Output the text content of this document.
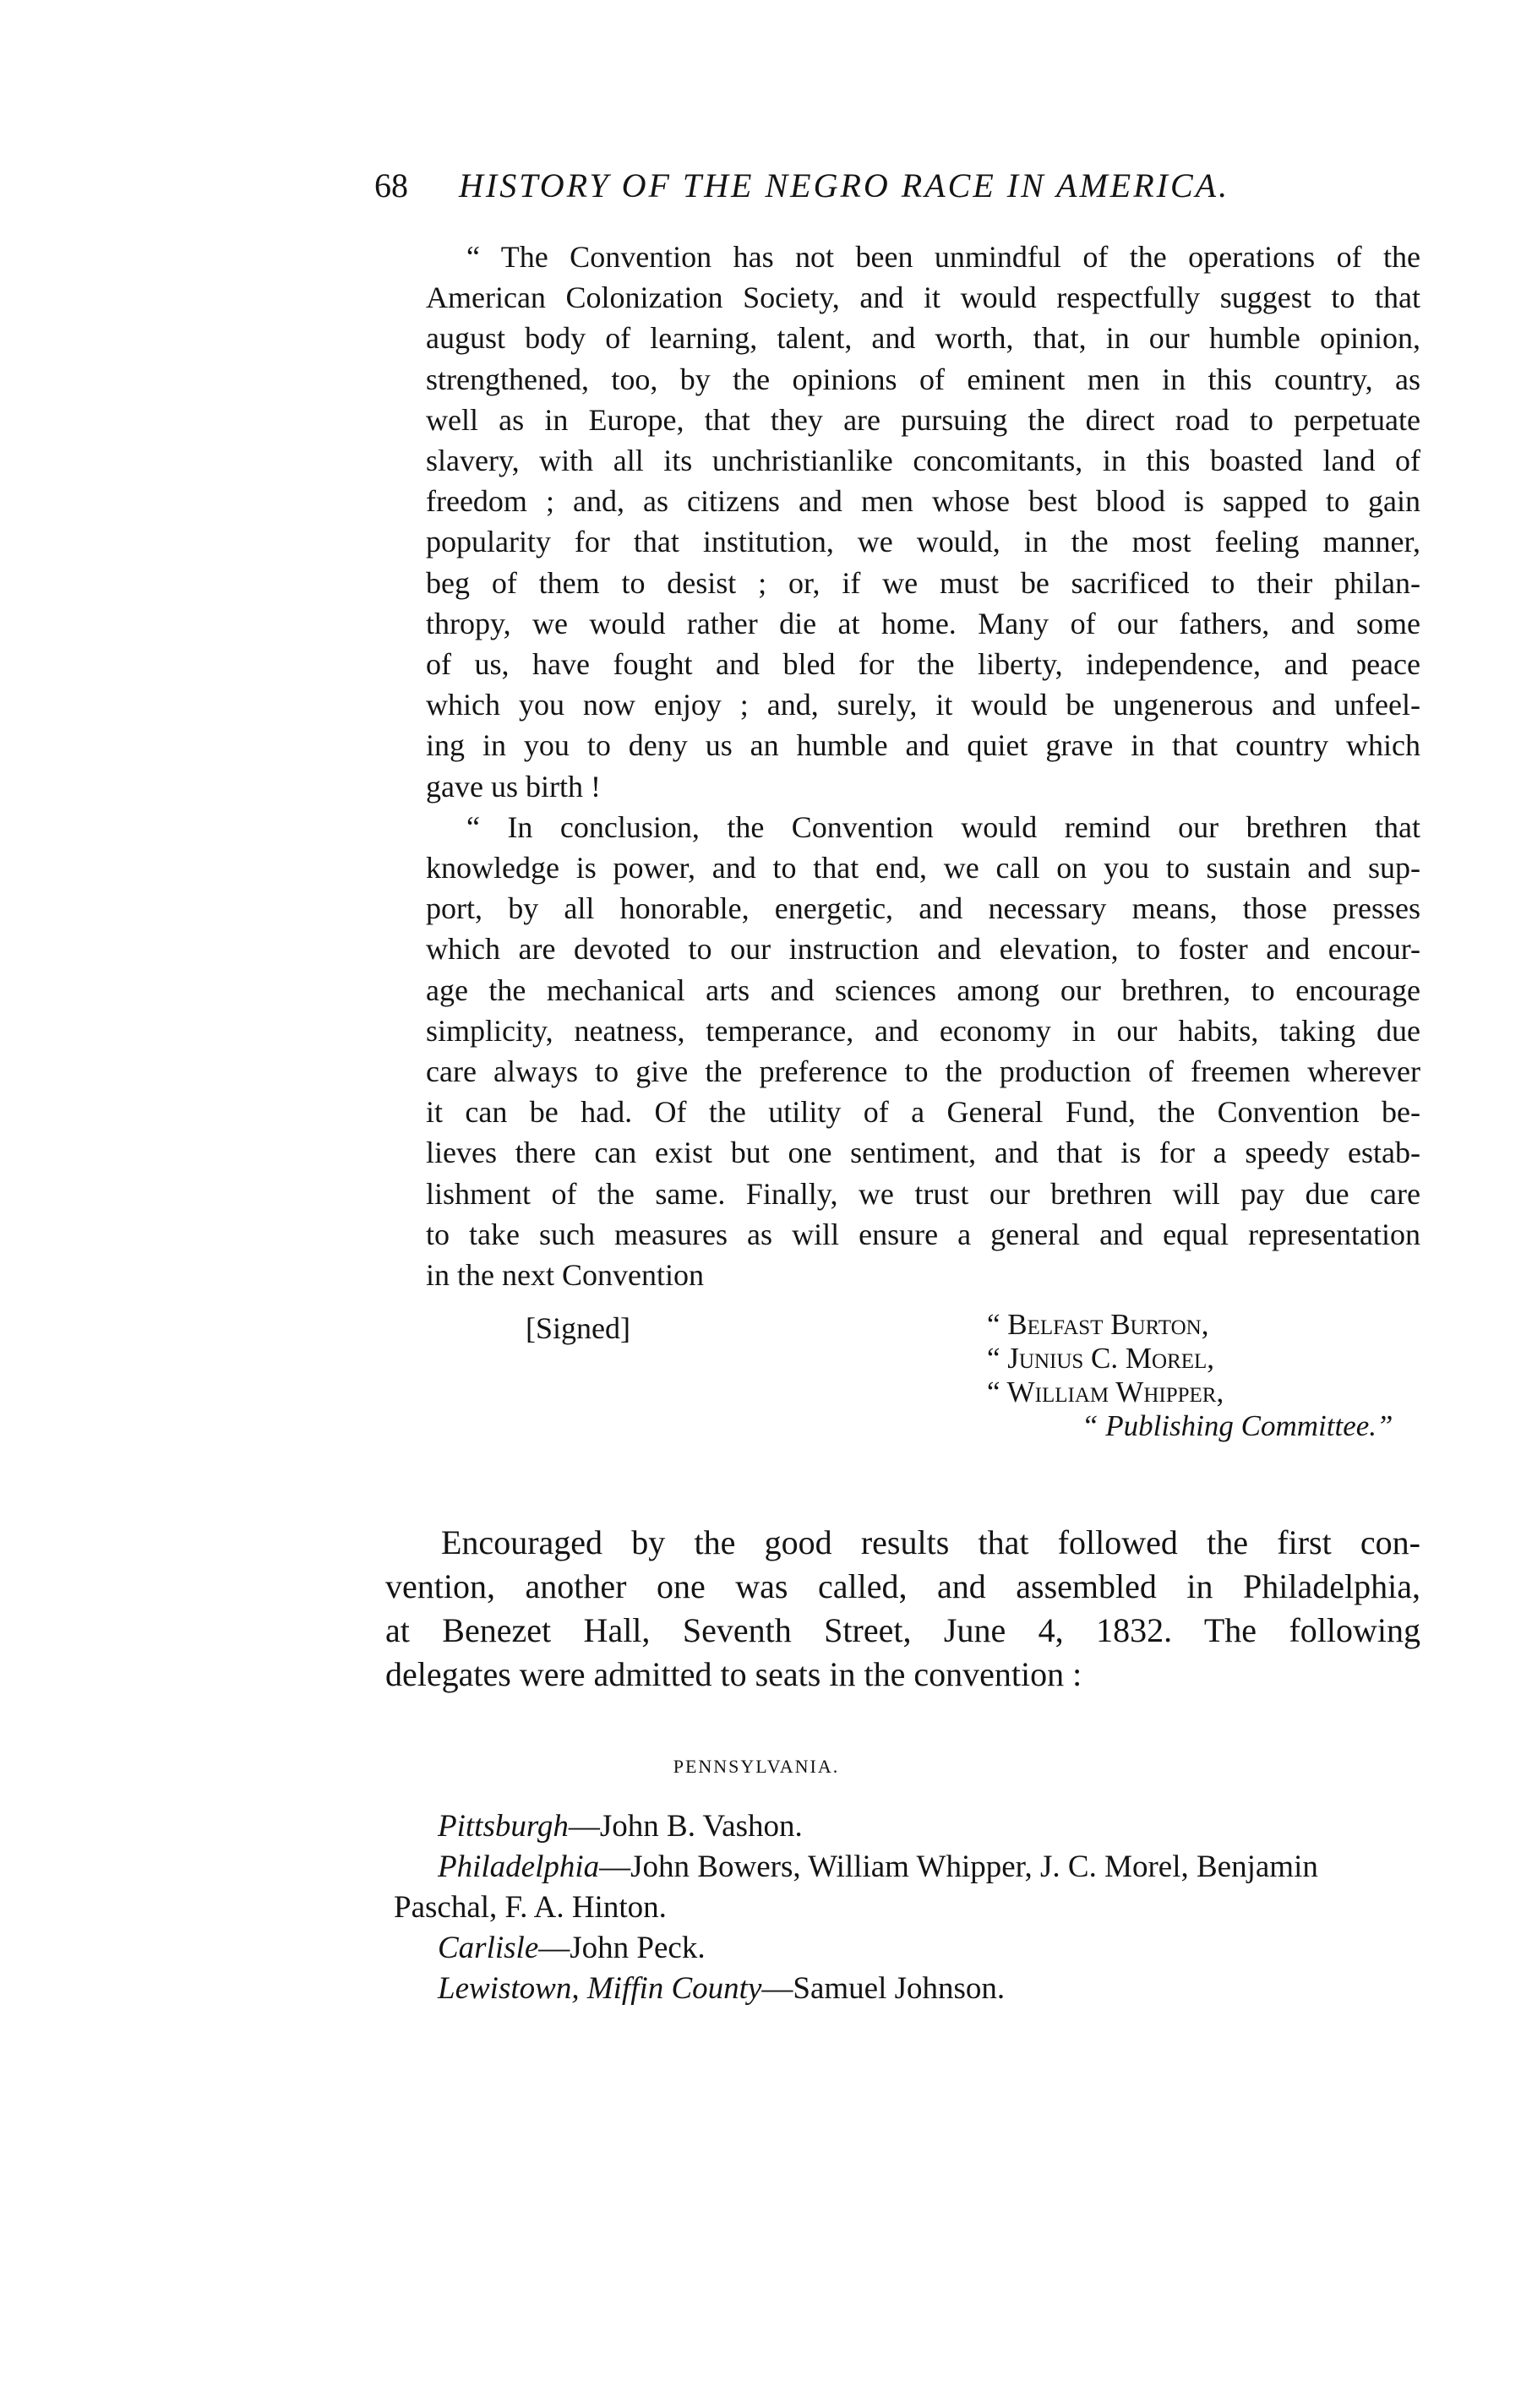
68 HISTORY OF THE NEGRO RACE IN AMERICA.

“ The Convention has not been unmindful of the operations of the
American Colonization Society, and it would respectfully suggest to that
august body of learning, talent, and worth, that, in our humble opinion,
strengthened, too, by the opinions of eminent men in this country, as
well as in Europe, that they are pursuing the direct road to perpetuate
slavery, with all its unchristianlike concomitants, in this boasted land of
freedom ; and, as citizens and men whose best blood is sapped to gain
popularity for that institution, we would, in the most feeling manner,
beg of them to desist ; or, if we must be sacrificed to their philan-
thropy, we would rather die at home. Many of our fathers, and some
of us, have fought and bled for the liberty, independence, and peace
which you now enjoy ; and, surely, it would be ungenerous and unfeel-
ing in you to deny us an humble and quiet grave in that country which
gave us birth !

“ In conclusion, the Convention would remind our brethren that
knowledge is power, and to that end, we call on you to sustain and sup-
port, by all honorable, energetic, and necessary means, those presses
which are devoted to our instruction and elevation, to foster and encour-
age the mechanical arts and sciences among our brethren, to encourage
simplicity, neatness, temperance, and economy in our habits, taking due
care always to give the preference to the production of freemen wherever
it can be had. Of the utility of a General Fund, the Convention be-
lieves there can exist but one sentiment, and that is for a speedy estab-
lishment of the same. Finally, we trust our brethren will pay due care
to take such measures as will ensure a general and equal representation
in the next Convention

[Signed]	“ Belfast Burton,
“ Junius C. Morel,
“ William Whipper,
“ Publishing Committee.”
Encouraged by the good results that followed the first con-
vention, another one was called, and assembled in Philadelphia,
at Benezet Hall, Seventh Street, June 4, 1832. The following
delegates were admitted to seats in the convention :
PENNSYLVANIA.
Pittsburgh—John B. Vashon.
Philadelphia—John Bowers, William Whipper, J. C. Morel, Benjamin
Paschal, F. A. Hinton.
Carlisle—John Peck.
Lewistown, Miffin County—Samuel Johnson.
